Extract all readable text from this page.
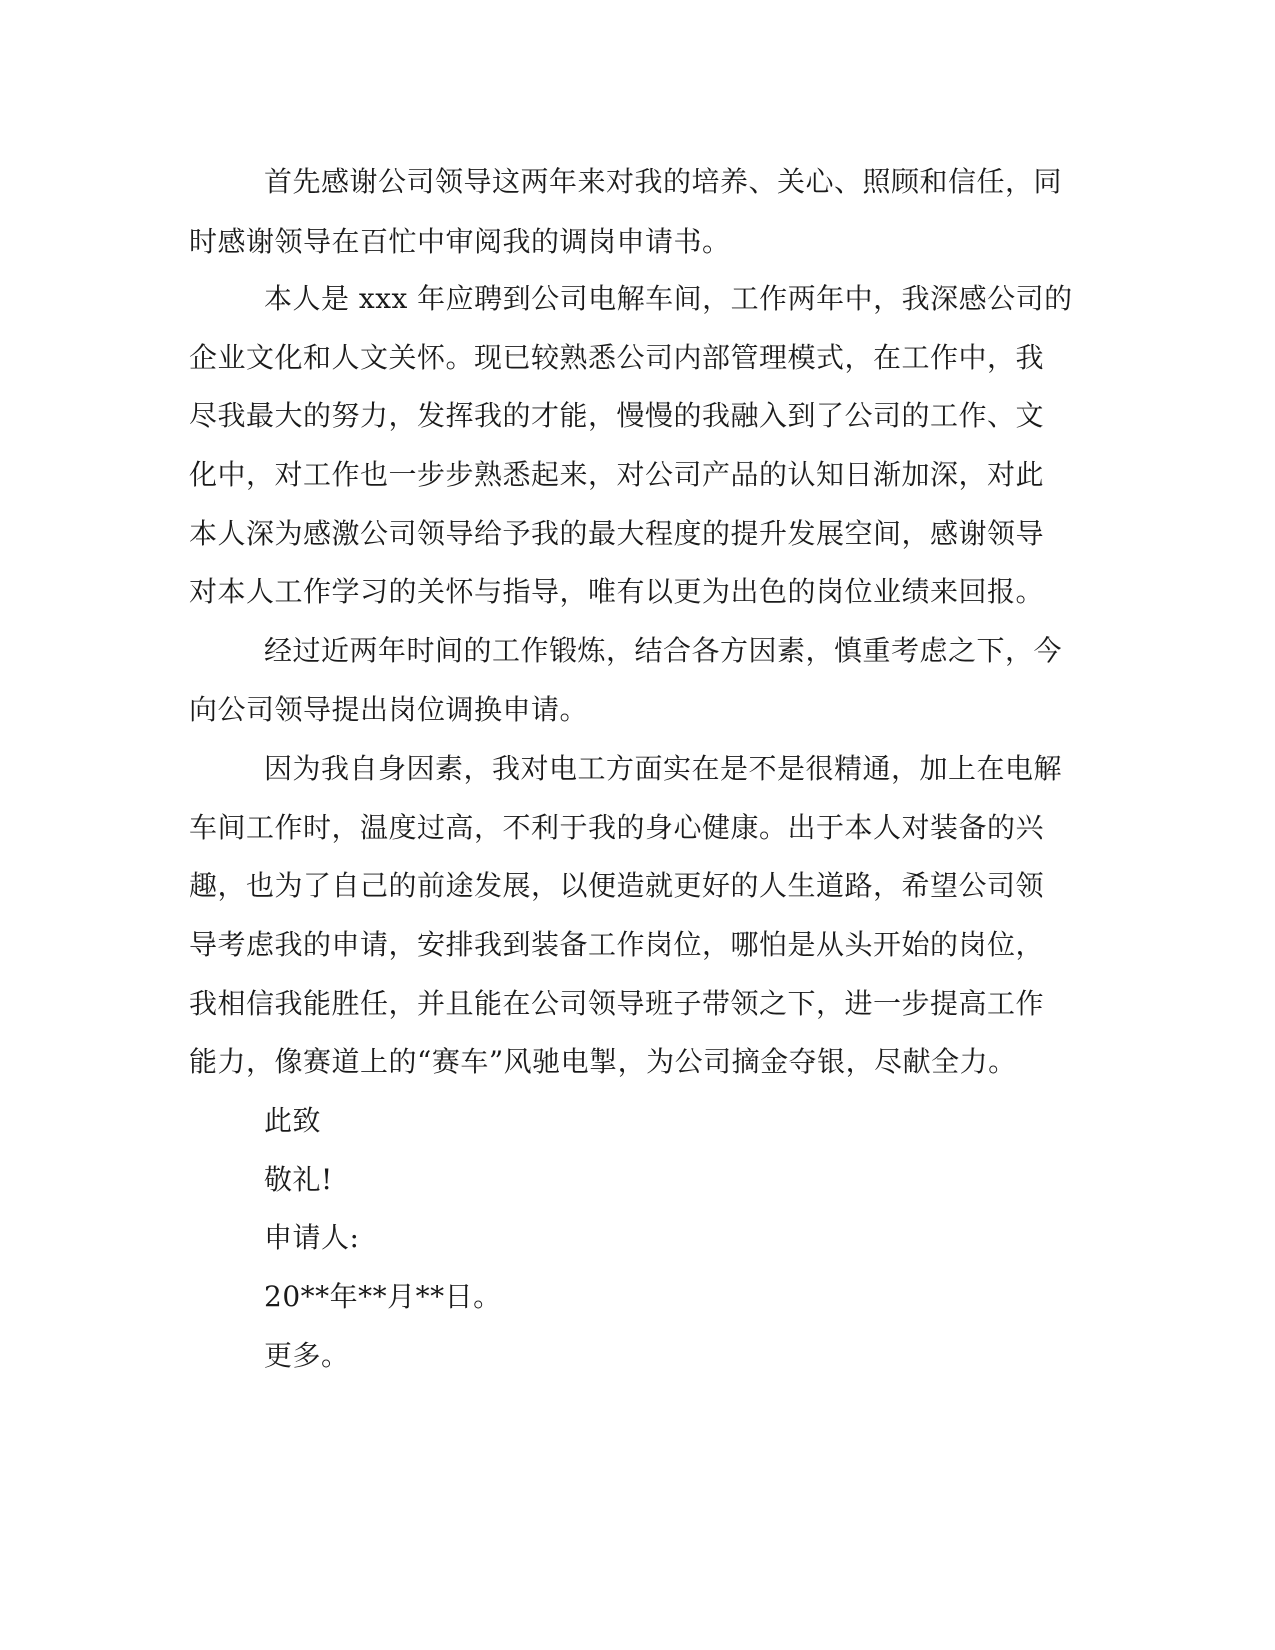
首先感谢公司领导这两年来对我的培养、关心、照顾和信任，同
时感谢领导在百忙中审阅我的调岗申请书。
本人是 xxx 年应聘到公司电解车间，工作两年中，我深感公司的
企业文化和人文关怀。现已较熟悉公司内部管理模式，在工作中，我
尽我最大的努力，发挥我的才能，慢慢的我融入到了公司的工作、文
化中，对工作也一步步熟悉起来，对公司产品的认知日渐加深，对此
本人深为感激公司领导给予我的最大程度的提升发展空间，感谢领导
对本人工作学习的关怀与指导，唯有以更为出色的岗位业绩来回报。
经过近两年时间的工作锻炼，结合各方因素，慎重考虑之下，今
向公司领导提出岗位调换申请。
因为我自身因素，我对电工方面实在是不是很精通，加上在电解
车间工作时，温度过高，不利于我的身心健康。出于本人对装备的兴
趣，也为了自己的前途发展，以便造就更好的人生道路，希望公司领
导考虑我的申请，安排我到装备工作岗位，哪怕是从头开始的岗位，
我相信我能胜任，并且能在公司领导班子带领之下，进一步提高工作
能力，像赛道上的“赛车”风驰电掣，为公司摘金夺银，尽献全力。
此致
敬礼!
申请人:
20**年**月**日。
更多。
